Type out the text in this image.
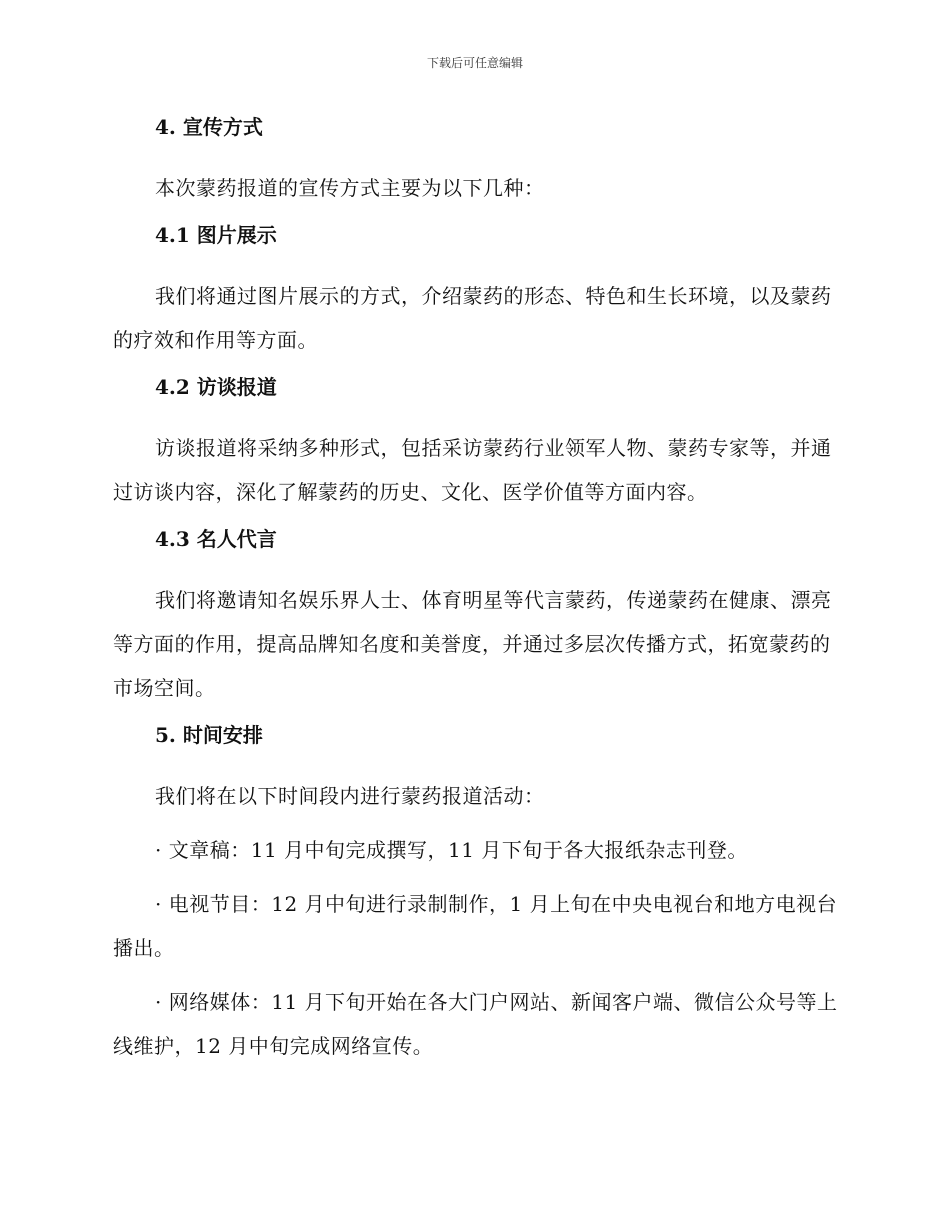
下载后可任意编辑
4. 宣传方式

本次蒙药报道的宣传方式主要为以下几种：

4.1 图片展示

我们将通过图片展示的方式，介绍蒙药的形态、特色和生长环境，以及蒙药的疗效和作用等方面。

4.2 访谈报道

访谈报道将采纳多种形式，包括采访蒙药行业领军人物、蒙药专家等，并通过访谈内容，深化了解蒙药的历史、文化、医学价值等方面内容。

4.3 名人代言

我们将邀请知名娱乐界人士、体育明星等代言蒙药，传递蒙药在健康、漂亮等方面的作用，提高品牌知名度和美誉度，并通过多层次传播方式，拓宽蒙药的市场空间。

5. 时间安排

我们将在以下时间段内进行蒙药报道活动：

· 文章稿：11 月中旬完成撰写，11 月下旬于各大报纸杂志刊登。

· 电视节目：12 月中旬进行录制制作，1 月上旬在中央电视台和地方电视台播出。

· 网络媒体：11 月下旬开始在各大门户网站、新闻客户端、微信公众号等上线维护，12 月中旬完成网络宣传。
